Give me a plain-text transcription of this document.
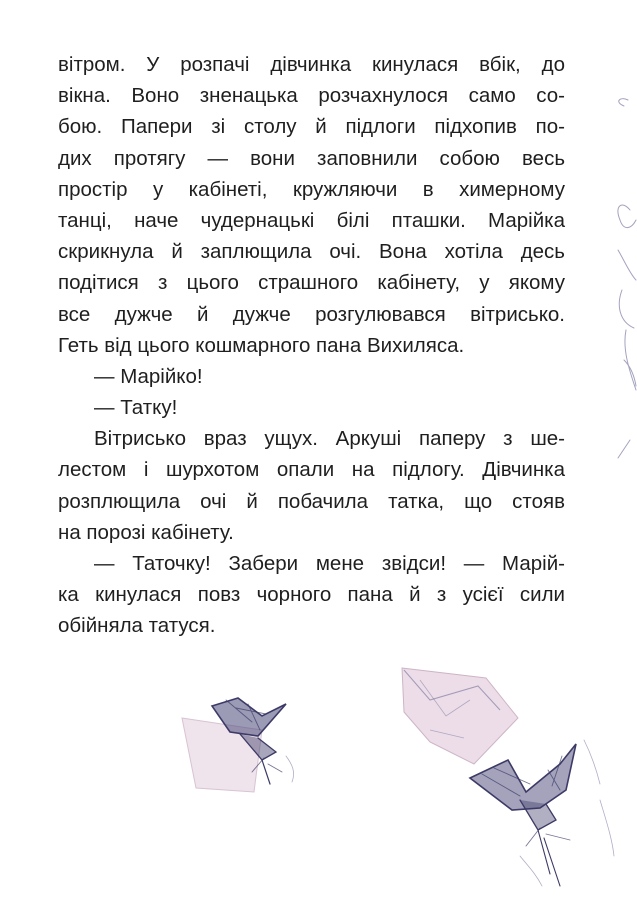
вітром. У розпачі дівчинка кинулася вбік, до
вікна. Воно зненацька розчахнулося само со-
бою. Папери зі столу й підлоги підхопив по-
дих протягу — вони заповнили собою весь
простір у кабінеті, кружляючи в химерному
танці, наче чудернацькі білі пташки. Марійка
скрикнула й заплющила очі. Вона хотіла десь
подітися з цього страшного кабінету, у якому
все дужче й дужче розгулювався вітрисько.
Геть від цього кошмарного пана Вихиляса.
— Марійко!
— Татку!
Вітрисько враз ущух. Аркуші паперу з ше-
лестом і шурхотом опали на підлогу. Дівчинка
розплющила очі й побачила татка, що стояв
на порозі кабінету.
— Таточку! Забери мене звідси! — Марій-
ка кинулася повз чорного пана й з усієї сили
обійняла татуся.
